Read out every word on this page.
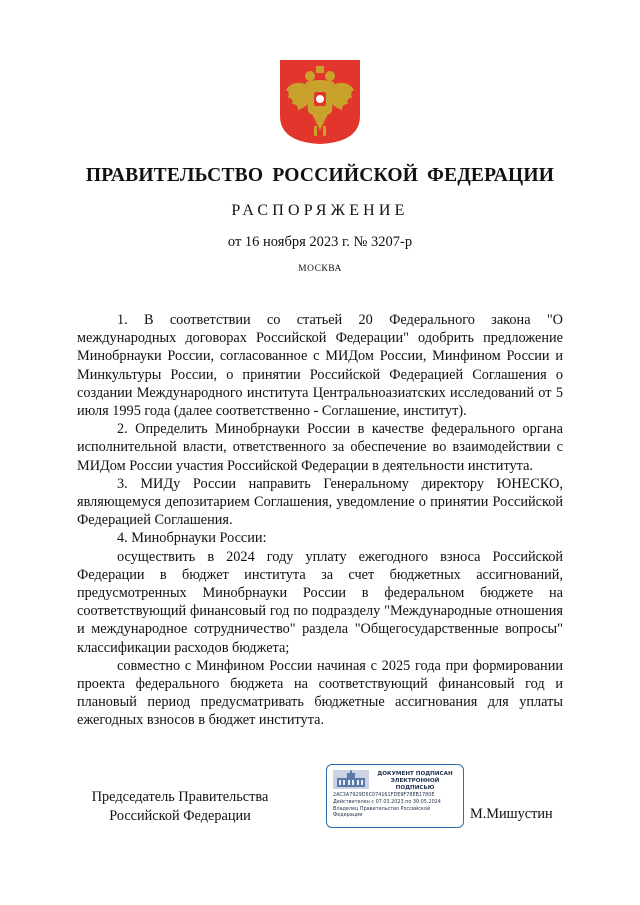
ПРАВИТЕЛЬСТВО РОССИЙСКОЙ ФЕДЕРАЦИИ
РАСПОРЯЖЕНИЕ
от 16 ноября 2023 г. № 3207-р
МОСКВА

1. В соответствии со статьей 20 Федерального закона "О международных договорах Российской Федерации" одобрить предложение Минобрнауки России, согласованное с МИДом России, Минфином России и Минкультуры России, о принятии Российской Федерацией Соглашения о создании Международного института Центральноазиатских исследований от 5 июля 1995 года (далее соответственно - Соглашение, институт).

2. Определить Минобрнауки России в качестве федерального органа исполнительной власти, ответственного за обеспечение во взаимодействии с МИДом России участия Российской Федерации в деятельности института.

3. МИДу России направить Генеральному директору ЮНЕСКО, являющемуся депозитарием Соглашения, уведомление о принятии Российской Федерацией Соглашения.

4. Минобрнауки России:

осуществить в 2024 году уплату ежегодного взноса Российской Федерации в бюджет института за счет бюджетных ассигнований, предусмотренных Минобрнауки России в федеральном бюджете на соответствующий финансовый год по подразделу "Международные отношения и международное сотрудничество" раздела "Общегосударственные вопросы" классификации расходов бюджета;

совместно с Минфином России начиная с 2025 года при формировании проекта федерального бюджета на соответствующий финансовый год и плановый период предусматривать бюджетные ассигнования для уплаты ежегодных взносов в бюджет института.

Председатель Правительства
Российской Федерации
ДОКУМЕНТ ПОДПИСАН
ЭЛЕКТРОННОЙ ПОДПИСЬЮ
2AC3A7929D5C074161FDE9F78EB1780E
Действителен с 07.03.2023 по 30.05.2024
Владелец Правительство Российской
Федерации	М.Мишустин
